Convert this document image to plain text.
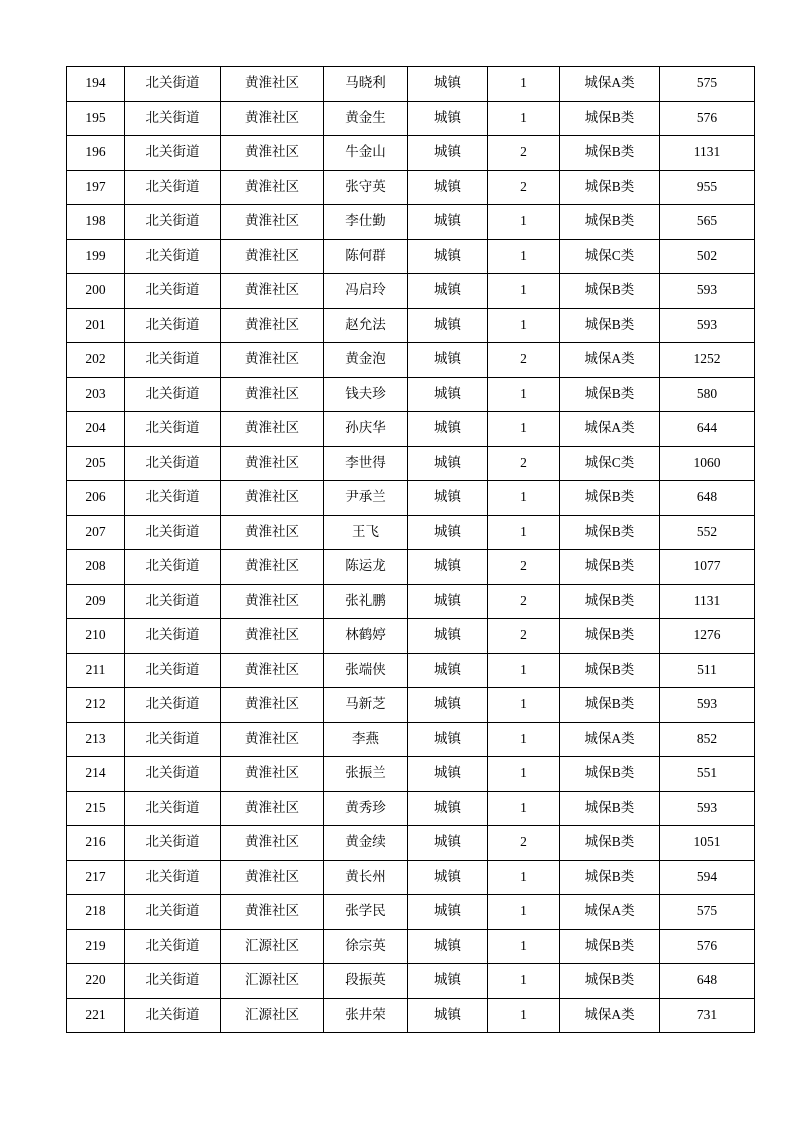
194	北关街道	黄淮社区	马晓利	城镇	1	城保A类	575
195	北关街道	黄淮社区	黄金生	城镇	1	城保B类	576
196	北关街道	黄淮社区	牛金山	城镇	2	城保B类	1131
197	北关街道	黄淮社区	张守英	城镇	2	城保B类	955
198	北关街道	黄淮社区	李仕勤	城镇	1	城保B类	565
199	北关街道	黄淮社区	陈何群	城镇	1	城保C类	502
200	北关街道	黄淮社区	冯启玲	城镇	1	城保B类	593
201	北关街道	黄淮社区	赵允法	城镇	1	城保B类	593
202	北关街道	黄淮社区	黄金泡	城镇	2	城保A类	1252
203	北关街道	黄淮社区	钱夫珍	城镇	1	城保B类	580
204	北关街道	黄淮社区	孙庆华	城镇	1	城保A类	644
205	北关街道	黄淮社区	李世得	城镇	2	城保C类	1060
206	北关街道	黄淮社区	尹承兰	城镇	1	城保B类	648
207	北关街道	黄淮社区	王飞	城镇	1	城保B类	552
208	北关街道	黄淮社区	陈运龙	城镇	2	城保B类	1077
209	北关街道	黄淮社区	张礼鹏	城镇	2	城保B类	1131
210	北关街道	黄淮社区	林鹤婷	城镇	2	城保B类	1276
211	北关街道	黄淮社区	张端侠	城镇	1	城保B类	511
212	北关街道	黄淮社区	马新芝	城镇	1	城保B类	593
213	北关街道	黄淮社区	李燕	城镇	1	城保A类	852
214	北关街道	黄淮社区	张振兰	城镇	1	城保B类	551
215	北关街道	黄淮社区	黄秀珍	城镇	1	城保B类	593
216	北关街道	黄淮社区	黄金续	城镇	2	城保B类	1051
217	北关街道	黄淮社区	黄长州	城镇	1	城保B类	594
218	北关街道	黄淮社区	张学民	城镇	1	城保A类	575
219	北关街道	汇源社区	徐宗英	城镇	1	城保B类	576
220	北关街道	汇源社区	段振英	城镇	1	城保B类	648
221	北关街道	汇源社区	张井荣	城镇	1	城保A类	731
